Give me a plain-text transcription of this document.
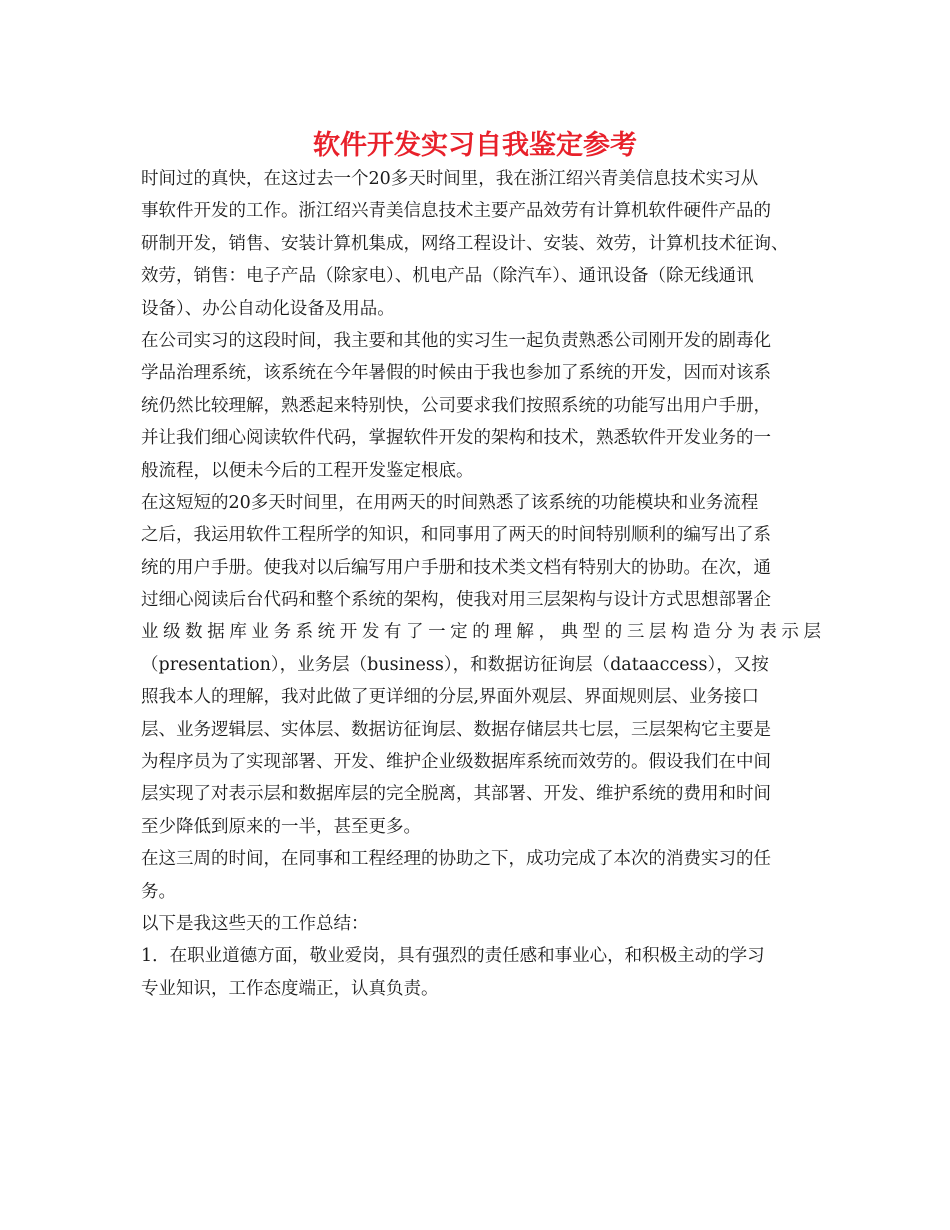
软件开发实习自我鉴定参考
时间过的真快，在这过去一个20多天时间里，我在浙江绍兴青美信息技术实习从
事软件开发的工作。浙江绍兴青美信息技术主要产品效劳有计算机软件硬件产品的
研制开发，销售、安装计算机集成，网络工程设计、安装、效劳，计算机技术征询、
效劳，销售：电子产品（除家电）、机电产品（除汽车）、通讯设备（除无线通讯
设备）、办公自动化设备及用品。
在公司实习的这段时间，我主要和其他的实习生一起负责熟悉公司刚开发的剧毒化
学品治理系统，该系统在今年暑假的时候由于我也参加了系统的开发，因而对该系
统仍然比较理解，熟悉起来特别快，公司要求我们按照系统的功能写出用户手册，
并让我们细心阅读软件代码，掌握软件开发的架构和技术，熟悉软件开发业务的一
般流程，以便未今后的工程开发鉴定根底。
在这短短的20多天时间里，在用两天的时间熟悉了该系统的功能模块和业务流程
之后，我运用软件工程所学的知识，和同事用了两天的时间特别顺利的编写出了系
统的用户手册。使我对以后编写用户手册和技术类文档有特别大的协助。在次，通
过细心阅读后台代码和整个系统的架构，使我对用三层架构与设计方式思想部署企
业级数据库业务系统开发有了一定的理解，典型的三层构造分为表示层
（presentation），业务层（business），和数据访征询层（dataaccess），又按
照我本人的理解，我对此做了更详细的分层,界面外观层、界面规则层、业务接口
层、业务逻辑层、实体层、数据访征询层、数据存储层共七层，三层架构它主要是
为程序员为了实现部署、开发、维护企业级数据库系统而效劳的。假设我们在中间
层实现了对表示层和数据库层的完全脱离，其部署、开发、维护系统的费用和时间
至少降低到原来的一半，甚至更多。
在这三周的时间，在同事和工程经理的协助之下，成功完成了本次的消费实习的任
务。
以下是我这些天的工作总结：
1．在职业道德方面，敬业爱岗，具有强烈的责任感和事业心，和积极主动的学习
专业知识，工作态度端正，认真负责。
